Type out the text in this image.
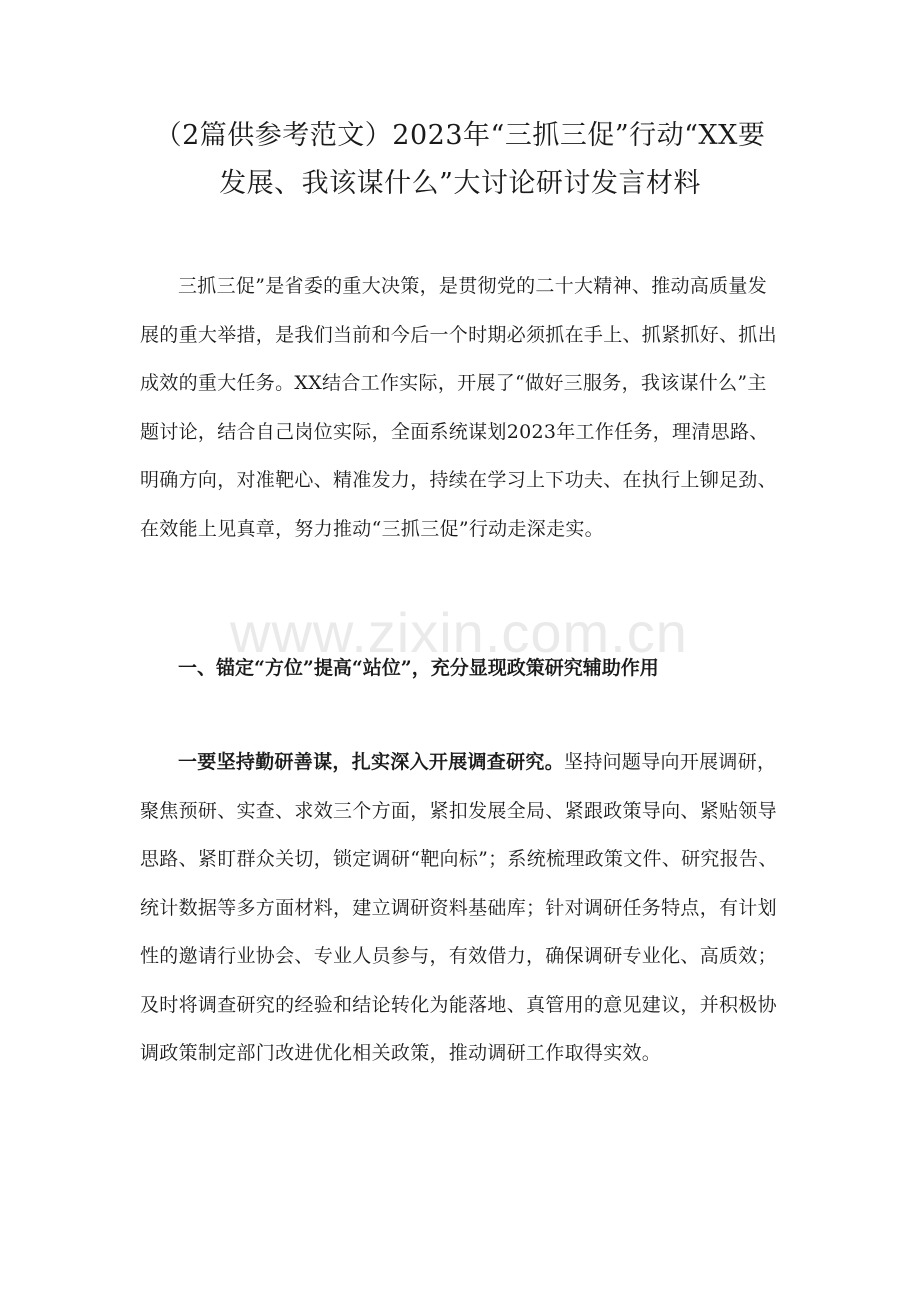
www.zixin.com.cn
（2篇供参考范文）2023年“三抓三促”行动“XX要
发展、我该谋什么”大讨论研讨发言材料

三抓三促”是省委的重大决策，是贯彻党的二十大精神、推动高质量发展的重大举措，是我们当前和今后一个时期必须抓在手上、抓紧抓好、抓出成效的重大任务。XX结合工作实际，开展了“做好三服务，我该谋什么”主题讨论，结合自己岗位实际，全面系统谋划2023年工作任务，理清思路、明确方向，对准靶心、精准发力，持续在学习上下功夫、在执行上铆足劲、在效能上见真章，努力推动“三抓三促”行动走深走实。

一、锚定“方位”提高“站位”，充分显现政策研究辅助作用

一要坚持勤研善谋，扎实深入开展调查研究。坚持问题导向开展调研，聚焦预研、实查、求效三个方面，紧扣发展全局、紧跟政策导向、紧贴领导思路、紧盯群众关切，锁定调研“靶向标”；系统梳理政策文件、研究报告、统计数据等多方面材料，建立调研资料基础库；针对调研任务特点，有计划性的邀请行业协会、专业人员参与，有效借力，确保调研专业化、高质效；及时将调查研究的经验和结论转化为能落地、真管用的意见建议，并积极协调政策制定部门改进优化相关政策，推动调研工作取得实效。
